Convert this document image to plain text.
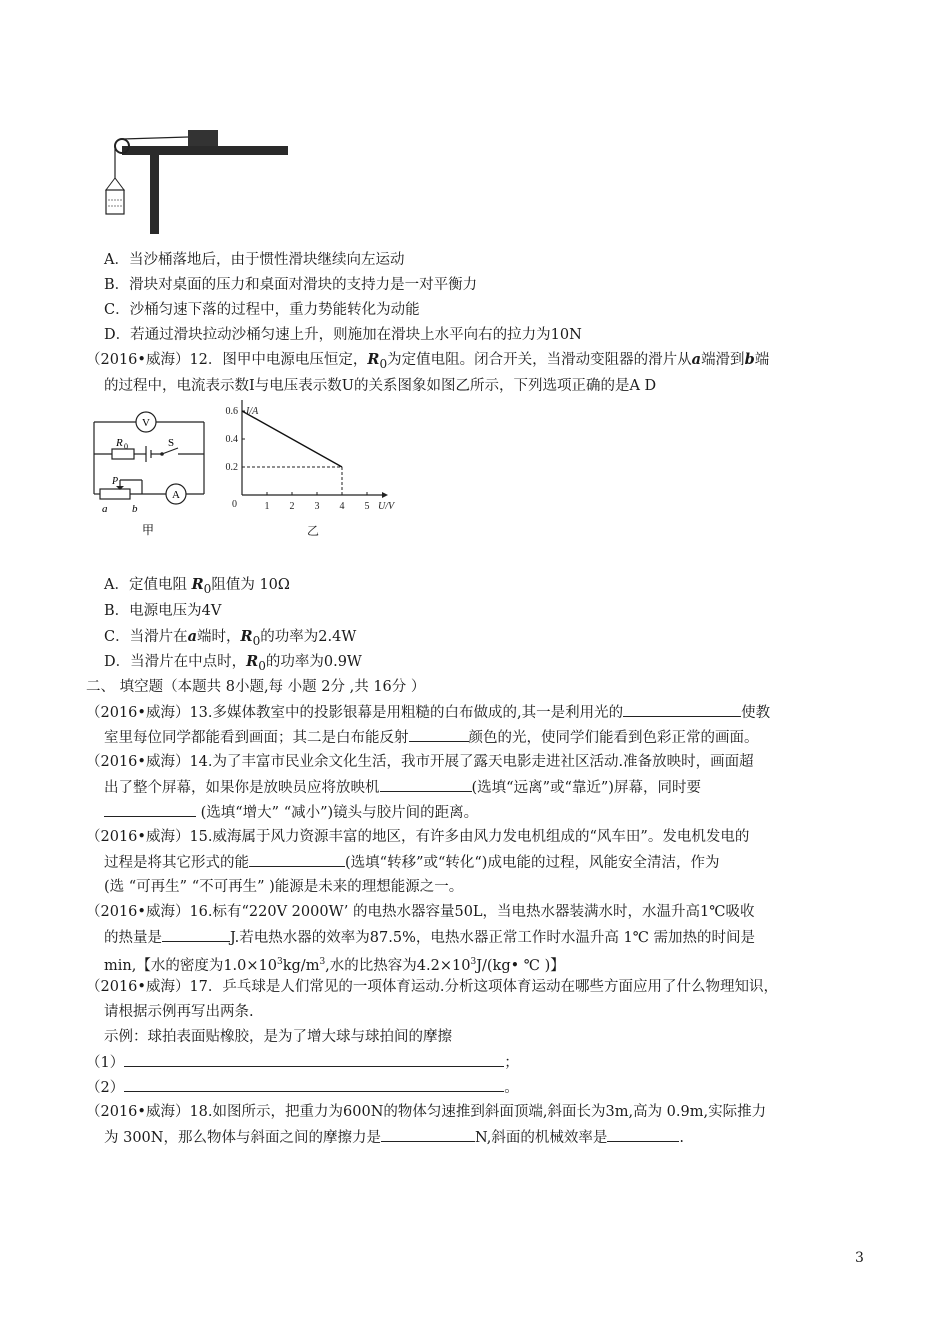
A．当沙桶落地后，由于惯性滑块继续向左运动
B．滑块对桌面的压力和桌面对滑块的支持力是一对平衡力
C．沙桶匀速下落的过程中，重力势能转化为动能
D．若通过滑块拉动沙桶匀速上升，则施加在滑块上水平向右的拉力为10N
（2016•威海）12．图甲中电源电压恒定，$R_0$为定值电阻。闭合开关，当滑动变阻器的滑片从a端滑到b端
的过程中，电流表示数I与电压表示数U的关系图象如图乙所示，下列选项正确的是A D
V
A
R 0	S
P
a b
甲
1 2 3 4 5
0.2
0.4
0.6
0
I/A
U/V
乙
A．定值电阻 $R_0$阻值为 10Ω
B．电源电压为4V
C．当滑片在a端时，$R_0$的功率为2.4W
D．当滑片在中点时，$R_0$的功率为0.9W
二、 填空题（本题共 8小题,每 小题 2分 ,共 16分 ）
（2016•威海）13.多媒体教室中的投影银幕是用粗糙的白布做成的,其一是利用光的	使教
室里每位同学都能看到画面；其二是白布能反射	颜色的光，使同学们能看到色彩正常的画面。
（2016•威海）14.为了丰富市民业余文化生活，我市开展了露天电影走进社区活动.准备放映时，画面超
出了整个屏幕，如果你是放映员应将放映机	(选填“远离”或“靠近”)屏幕，同时要
(选填“增大” “减小”)镜头与胶片间的距离。
（2016•威海）15.威海属于风力资源丰富的地区，有许多由风力发电机组成的“风车田”。发电机发电的
过程是将其它形式的能	(选填“转移”或“转化“)成电能的过程，风能安全清洁，作为
(选 “可再生” “不可再生” )能源是未来的理想能源之一。
（2016•威海）16.标有“220V 2000W’ 的电热水器容量50L，当电热水器装满水时，水温升高1℃吸收
的热量是	J.若电热水器的效率为87.5%，电热水器正常工作时水温升高 1℃ 需加热的时间是
min,【水的密度为$1.0\times 10^3kg/m^3$,水的比热容为$4.2\times 10^3J/(kg•$ ℃ )】
（2016•威海）17．乒乓球是人们常见的一项体育运动.分析这项体育运动在哪些方面应用了什么物理知识，
请根据示例再写出两条.
示例：球拍表面贴橡胶，是为了增大球与球拍间的摩擦
（1）	；
（2）	。
（2016•威海）18.如图所示，把重力为600N的物体匀速推到斜面顶端,斜面长为3m,高为 0.9m,实际推力
为 300N，那么物体与斜面之间的摩擦力是	N,斜面的机械效率是	.
3
